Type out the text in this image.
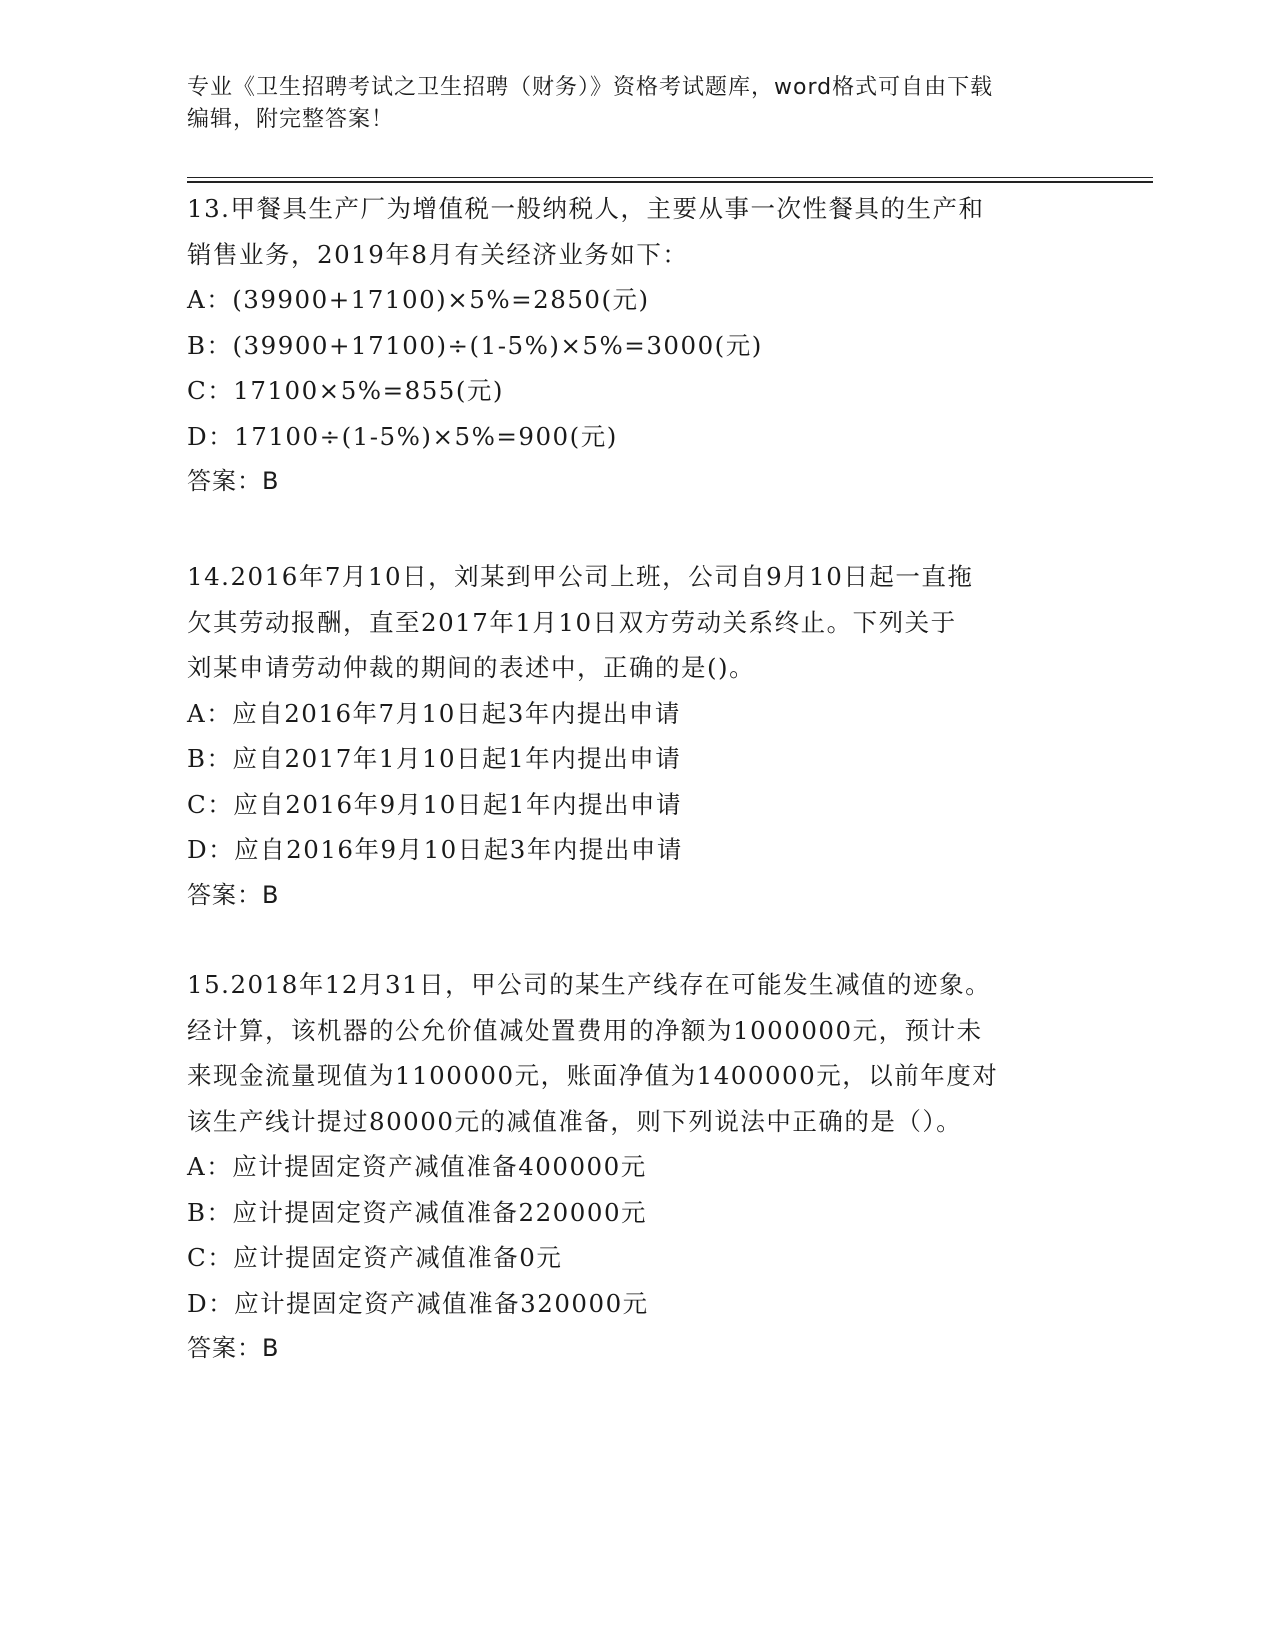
专业《卫生招聘考试之卫生招聘（财务）》资格考试题库，word格式可自由下载
编辑，附完整答案！

13.甲餐具生产厂为增值税一般纳税人，主要从事一次性餐具的生产和

销售业务，2019年8月有关经济业务如下：

A：(39900+17100)×5%=2850(元)

B：(39900+17100)÷(1-5%)×5%=3000(元)

C：17100×5%=855(元)

D：17100÷(1-5%)×5%=900(元)

答案：B

14.2016年7月10日，刘某到甲公司上班，公司自9月10日起一直拖

欠其劳动报酬，直至2017年1月10日双方劳动关系终止。下列关于

刘某申请劳动仲裁的期间的表述中，正确的是()。

A：应自2016年7月10日起3年内提出申请

B：应自2017年1月10日起1年内提出申请

C：应自2016年9月10日起1年内提出申请

D：应自2016年9月10日起3年内提出申请

答案：B

15.2018年12月31日，甲公司的某生产线存在可能发生减值的迹象。

经计算，该机器的公允价值减处置费用的净额为1000000元，预计未

来现金流量现值为1100000元，账面净值为1400000元，以前年度对

该生产线计提过80000元的减值准备，则下列说法中正确的是（）。

A：应计提固定资产减值准备400000元

B：应计提固定资产减值准备220000元

C：应计提固定资产减值准备0元

D：应计提固定资产减值准备320000元

答案：B
